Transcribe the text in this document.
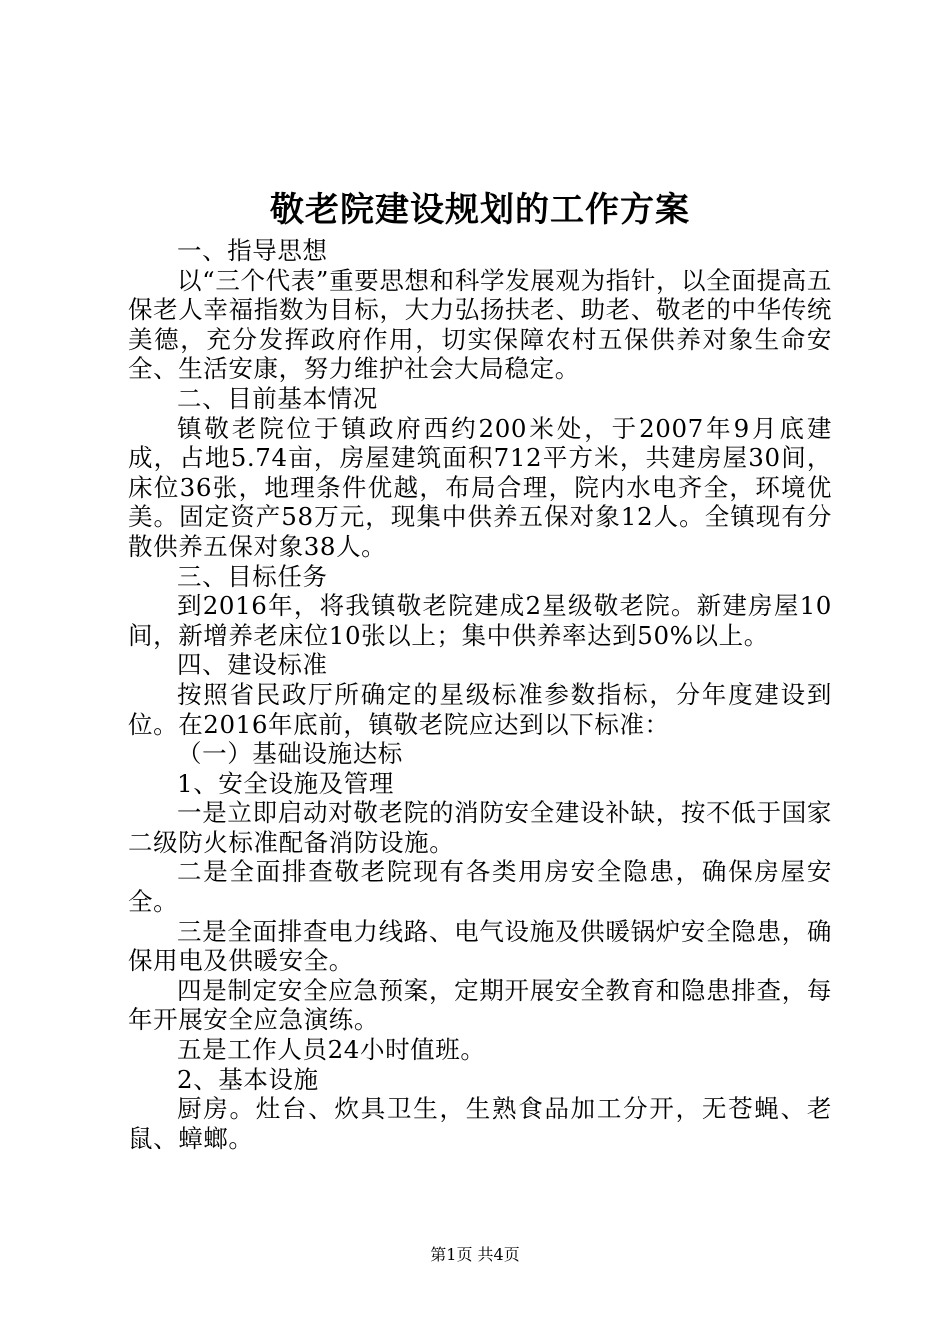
敬老院建设规划的工作方案

一、指导思想

以“三个代表”重要思想和科学发展观为指针，以全面提高五保老人幸福指数为目标，大力弘扬扶老、助老、敬老的中华传统美德，充分发挥政府作用，切实保障农村五保供养对象生命安全、生活安康，努力维护社会大局稳定。

二、目前基本情况

镇敬老院位于镇政府西约200米处，于2007年9月底建成，占地5.74亩，房屋建筑面积712平方米，共建房屋30间，床位36张，地理条件优越，布局合理，院内水电齐全，环境优美。固定资产58万元，现集中供养五保对象12人。全镇现有分散供养五保对象38人。

三、目标任务

到2016年，将我镇敬老院建成2星级敬老院。新建房屋10间，新增养老床位10张以上；集中供养率达到50%以上。

四、建设标准

按照省民政厅所确定的星级标准参数指标，分年度建设到位。在2016年底前，镇敬老院应达到以下标准：

（一）基础设施达标

1、安全设施及管理

一是立即启动对敬老院的消防安全建设补缺，按不低于国家二级防火标准配备消防设施。

二是全面排查敬老院现有各类用房安全隐患，确保房屋安全。

三是全面排查电力线路、电气设施及供暖锅炉安全隐患，确保用电及供暖安全。

四是制定安全应急预案，定期开展安全教育和隐患排查，每年开展安全应急演练。

五是工作人员24小时值班。

2、基本设施

厨房。灶台、炊具卫生，生熟食品加工分开，无苍蝇、老鼠、蟑螂。

第1页 共4页
